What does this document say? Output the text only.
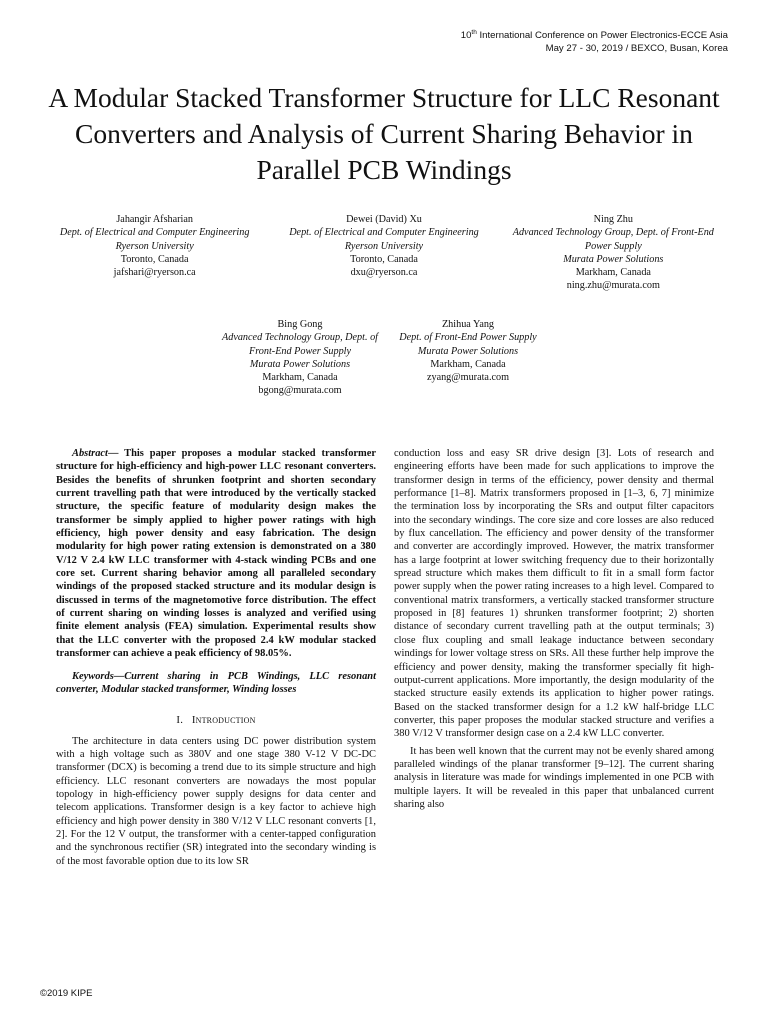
10th International Conference on Power Electronics-ECCE Asia
May 27 - 30, 2019 / BEXCO, Busan, Korea
A Modular Stacked Transformer Structure for LLC Resonant Converters and Analysis of Current Sharing Behavior in Parallel PCB Windings
Jahangir Afsharian
Dept. of Electrical and Computer Engineering
Ryerson University
Toronto, Canada
jafshari@ryerson.ca
Dewei (David) Xu
Dept. of Electrical and Computer Engineering
Ryerson University
Toronto, Canada
dxu@ryerson.ca
Ning Zhu
Advanced Technology Group, Dept. of Front-End Power Supply
Murata Power Solutions
Markham, Canada
ning.zhu@murata.com
Bing Gong
Advanced Technology Group, Dept. of Front-End Power Supply
Murata Power Solutions
Markham, Canada
bgong@murata.com
Zhihua Yang
Dept. of Front-End Power Supply
Murata Power Solutions
Markham, Canada
zyang@murata.com

Abstract— This paper proposes a modular stacked transformer structure for high-efficiency and high-power LLC resonant converters. Besides the benefits of shrunken footprint and shorten secondary current travelling path that were introduced by the vertically stacked structure, the specific feature of modularity design makes the transformer be simply applied to higher power ratings with high efficiency, high power density and easy fabrication. The design modularity for high power rating extension is demonstrated on a 380 V/12 V 2.4 kW LLC transformer with 4-stack winding PCBs and one core set. Current sharing behavior among all paralleled secondary windings of the proposed stacked structure and its modular design is discussed in terms of the magnetomotive force distribution. The effect of current sharing on winding losses is analyzed and verified using finite element analysis (FEA) simulation. Experimental results show that the LLC converter with the proposed 2.4 kW modular stacked transformer can achieve a peak efficiency of 98.05%.

Keywords—Current sharing in PCB Windings, LLC resonant converter, Modular stacked transformer, Winding losses

I. Introduction

The architecture in data centers using DC power distribution system with a high voltage such as 380V and one stage 380 V-12 V DC-DC transformer (DCX) is becoming a trend due to its simple structure and high efficiency. LLC resonant converters are nowadays the most popular topology in high-efficiency power supply designs for data center and telecom applications. Transformer design is a key factor to achieve high efficiency and high power density in 380 V/12 V LLC resonant converts [1, 2]. For the 12 V output, the transformer with a center-tapped configuration and the synchronous rectifier (SR) integrated into the secondary winding is of the most favorable option due to its low SR

conduction loss and easy SR drive design [3]. Lots of research and engineering efforts have been made for such applications to improve the transformer design in terms of the efficiency, power density and thermal performance [1–8]. Matrix transformers proposed in [1–3, 6, 7] minimize the termination loss by incorporating the SRs and output filter capacitors into the secondary windings. The core size and core losses are also reduced by flux cancellation. The efficiency and power density of the transformer and converter are accordingly improved. However, the matrix transformer has a large footprint at lower switching frequency due to their horizontally spread structure which makes them difficult to fit in a small form factor power supply when the power rating increases to a high level. Compared to conventional matrix transformers, a vertically stacked transformer structure proposed in [8] features 1) shrunken transformer footprint; 2) shorten distance of secondary current travelling path at the output terminals; 3) close flux coupling and small leakage inductance between secondary windings for lower voltage stress on SRs. All these further help improve the efficiency and power density, making the transformer specially fit high-output-current applications. More importantly, the design modularity of the stacked structure easily extends its application to higher power ratings. Based on the stacked transformer design for a 1.2 kW half-bridge LLC converter, this paper proposes the modular stacked structure and verifies a 380 V/12 V transformer design case on a 2.4 kW LLC converter.

It has been well known that the current may not be evenly shared among paralleled windings of the planar transformer [9–12]. The current sharing analysis in literature was made for windings implemented in one PCB with multiple layers. It will be revealed in this paper that unbalanced current sharing also

©2019 KIPE
